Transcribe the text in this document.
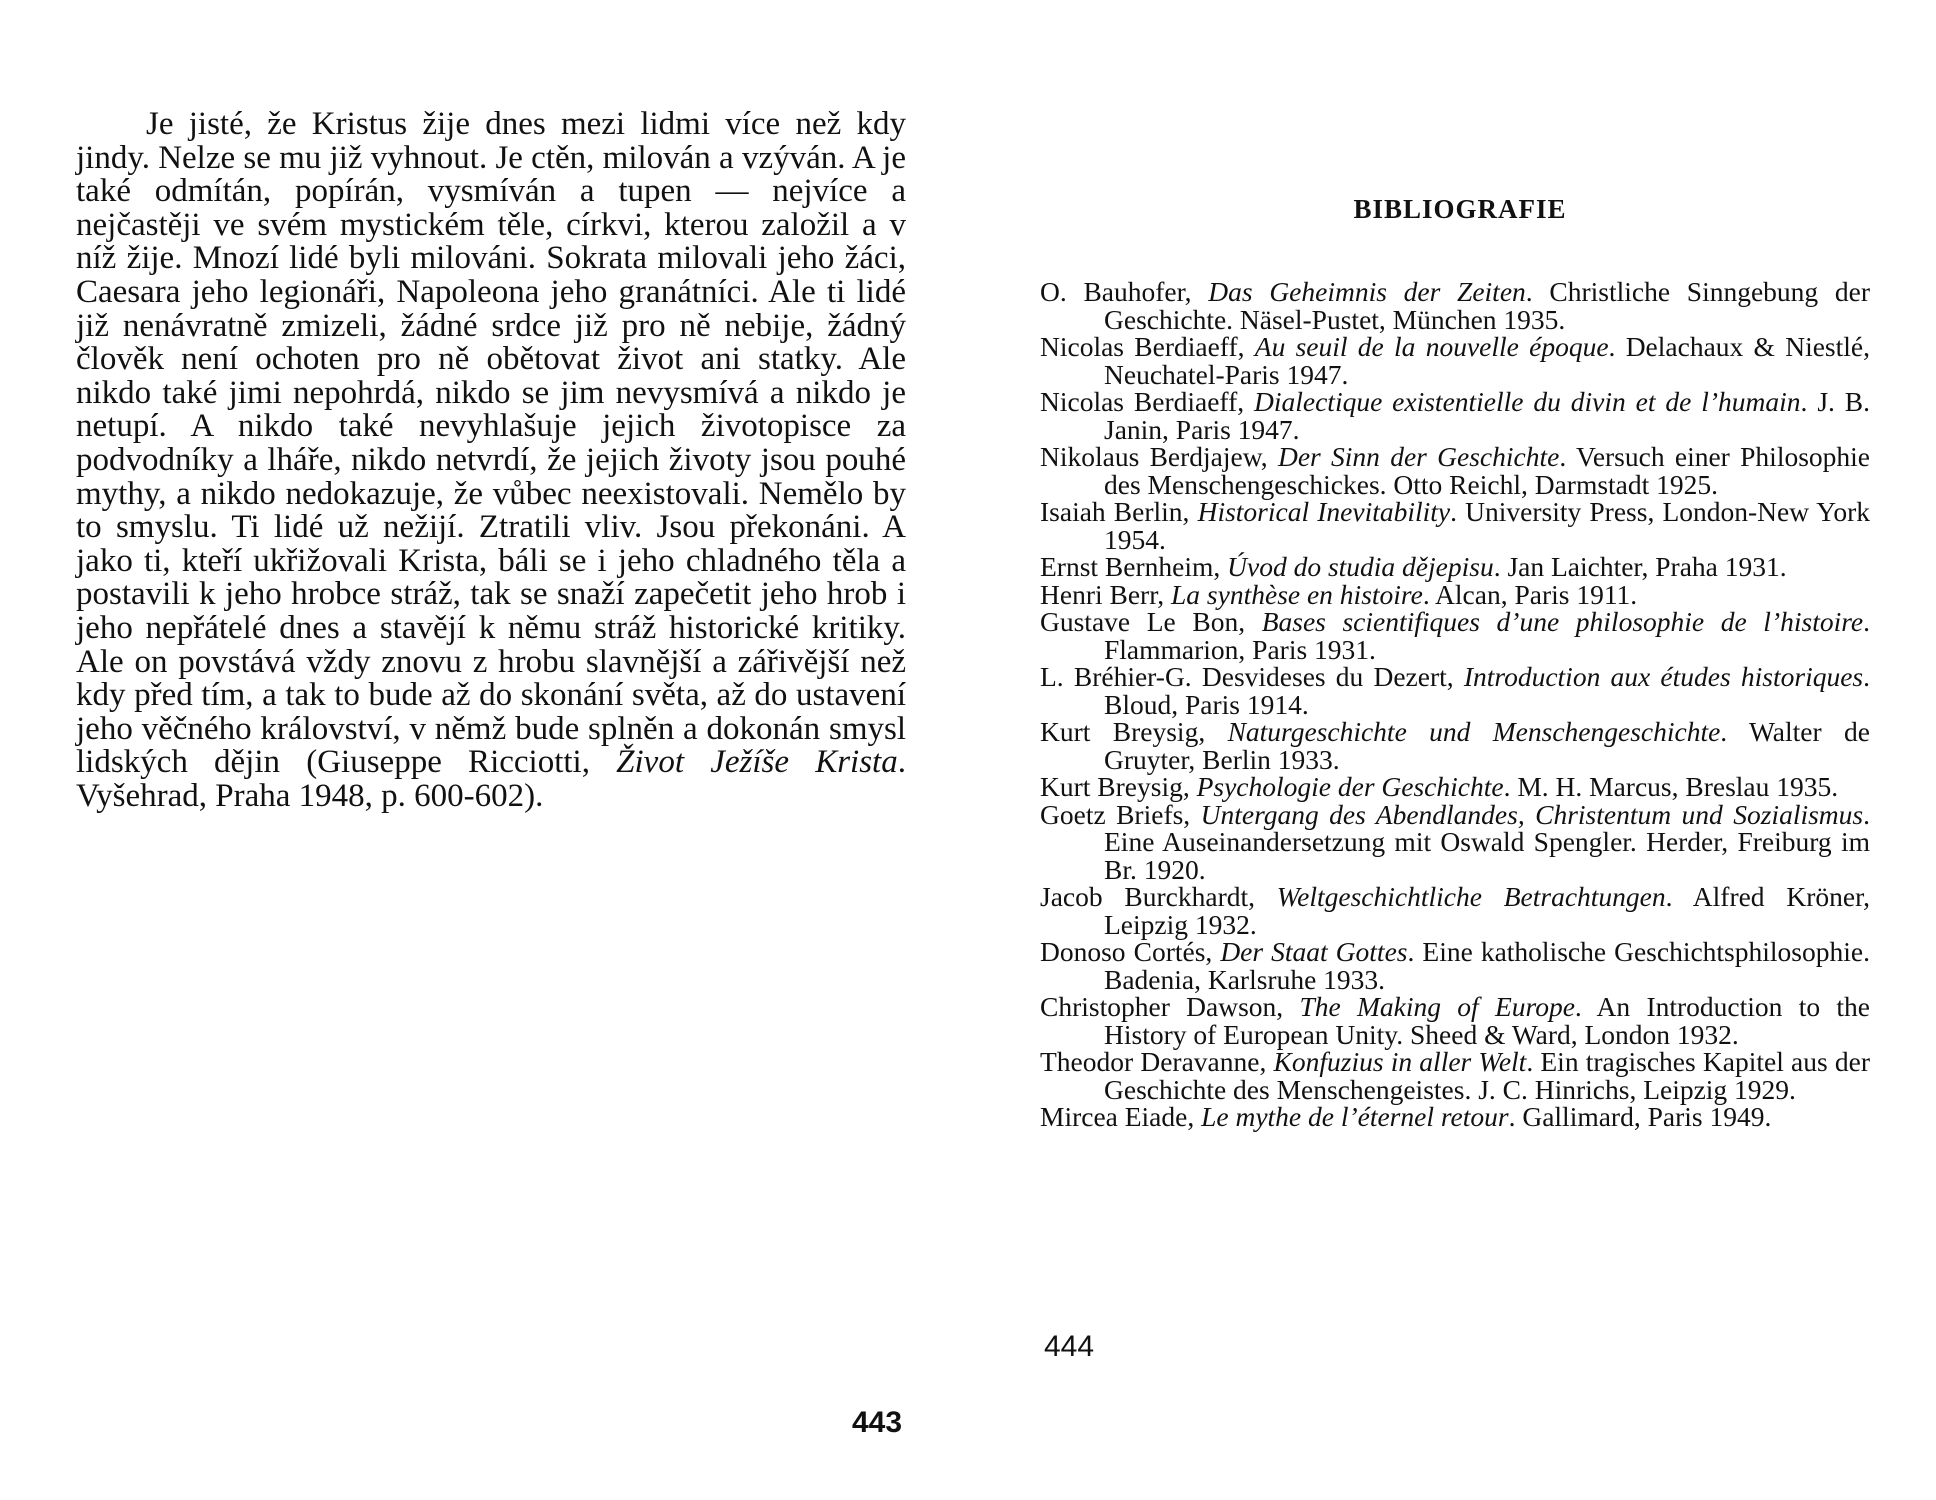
Je jisté, že Kristus žije dnes mezi lidmi více než kdy jindy. Nelze se mu již vyhnout. Je ctěn, milován a vzýván. A je také odmítán, popírán, vysmíván a tupen — nejvíce a nejčastěji ve svém mystickém těle, církvi, kterou založil a v níž žije. Mnozí lidé byli milováni. Sokrata milovali jeho žáci, Caesara jeho legionáři, Napoleona jeho granátníci. Ale ti lidé již nenávratně zmizeli, žádné srdce již pro ně nebije, žádný člověk není ochoten pro ně obětovat život ani statky. Ale nikdo také jimi nepohrdá, nikdo se jim nevysmívá a nikdo je netupí. A nikdo také nevyhlašuje jejich životopisce za podvodníky a lháře, nikdo netvrdí, že jejich životy jsou pouhé mythy, a nikdo nedokazuje, že vůbec neexistovali. Nemělo by to smyslu. Ti lidé už nežijí. Ztratili vliv. Jsou překonáni. A jako ti, kteří ukřižovali Krista, báli se i jeho chladného těla a postavili k jeho hrobce stráž, tak se snaží zapečetit jeho hrob i jeho nepřátelé dnes a stavějí k němu stráž historické kritiky. Ale on povstává vždy znovu z hrobu slavnější a zářivější než kdy před tím, a tak to bude až do skonání světa, až do ustavení jeho věčného království, v němž bude splněn a dokonán smysl lidských dějin (Giuseppe Ricciotti, Život Ježíše Krista. Vyšehrad, Praha 1948, p. 600-602).

443
BIBLIOGRAFIE
O. Bauhofer, Das Geheimnis der Zeiten. Christliche Sinngebung der Geschichte. Näsel-Pustet, München 1935.
Nicolas Berdiaeff, Au seuil de la nouvelle époque. Delachaux & Niestlé, Neuchatel-Paris 1947.
Nicolas Berdiaeff, Dialectique existentielle du divin et de l’humain. J. B. Janin, Paris 1947.
Nikolaus Berdjajew, Der Sinn der Geschichte. Versuch einer Philosophie des Menschengeschickes. Otto Reichl, Darmstadt 1925.
Isaiah Berlin, Historical Inevitability. University Press, London-New York 1954.
Ernst Bernheim, Úvod do studia dějepisu. Jan Laichter, Praha 1931.
Henri Berr, La synthèse en histoire. Alcan, Paris 1911.
Gustave Le Bon, Bases scientifiques d’une philosophie de l’histoire. Flammarion, Paris 1931.
L. Bréhier-G. Desvideses du Dezert, Introduction aux études historiques. Bloud, Paris 1914.
Kurt Breysig, Naturgeschichte und Menschengeschichte. Walter de Gruyter, Berlin 1933.
Kurt Breysig, Psychologie der Geschichte. M. H. Marcus, Breslau 1935.
Goetz Briefs, Untergang des Abendlandes, Christentum und Sozialismus. Eine Auseinandersetzung mit Oswald Spengler. Herder, Freiburg im Br. 1920.
Jacob Burckhardt, Weltgeschichtliche Betrachtungen. Alfred Kröner, Leipzig 1932.
Donoso Cortés, Der Staat Gottes. Eine katholische Geschichtsphilosophie. Badenia, Karlsruhe 1933.
Christopher Dawson, The Making of Europe. An Introduction to the History of European Unity. Sheed & Ward, London 1932.
Theodor Deravanne, Konfuzius in aller Welt. Ein tragisches Kapitel aus der Geschichte des Menschengeistes. J. C. Hinrichs, Leipzig 1929.
Mircea Eiade, Le mythe de l’éternel retour. Gallimard, Paris 1949.
444
